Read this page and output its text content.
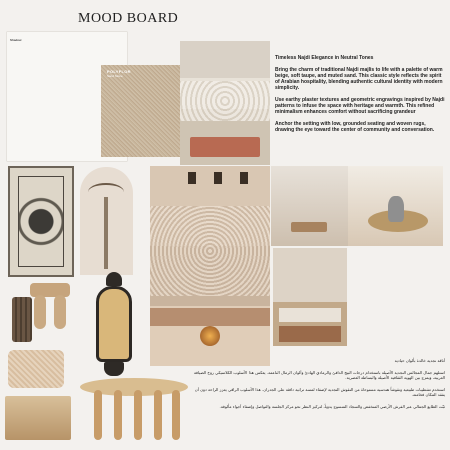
MOOD BOARD
Shadow
POLYFLOR
Sand Stone

Timeless Najdi Elegance in Neutral Tones

Bring the charm of traditional Najdi majlis to life with a palette of warm beige, soft taupe, and muted sand. This classic style reflects the spirit of Arabian hospitality, blending authentic cultural identity with modern simplicity.

Use earthy plaster textures and geometric engravings inspired by Najdi patterns to infuse the space with heritage and warmth. This refined minimalism enhances comfort without sacrificing grandeur

Anchor the setting with low, grounded seating and woven rugs, drawing the eye toward the center of community and conversation.

أناقة نجدية خالدة بألوان حيادية

استلهم جمال المجالس النجدية الأصيلة باستخدام درجات البيج الدافئ والرمادي الهادئ وألوان الرمال الناعمة. يعكس هذا الأسلوب الكلاسيكي روح الضيافة العربية، ويمزج بين الهوية الثقافية الأصيلة والبساطة العصرية.

استخدم تشطيبات طبيعية ونقوشاً هندسية مستوحاة من النقوش النجدية لإضفاء لمسة تراثية دافئة على الجدران. هذا الأسلوب الراقي يعزز الراحة دون أن يفقد المكان فخامته.

ثبّت الطابع الجمالي عبر الفرش الأرضي المنخفض والسجاد المنسوج يدوياً، لتركيز النظر نحو مركز الجلسة والتواصل وإضفاء أجواء مألوفة.
